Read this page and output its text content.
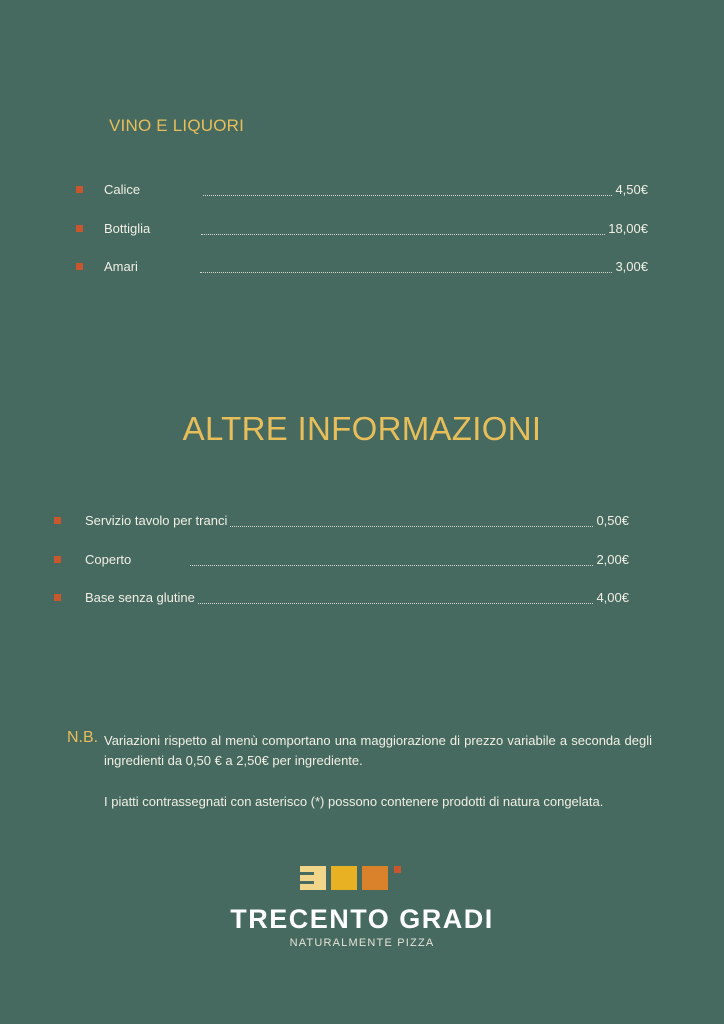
VINO E LIQUORI
Calice	4,50€
Bottiglia	18,00€
Amari	3,00€
ALTRE INFORMAZIONI
Servizio tavolo per tranci	0,50€
Coperto	2,00€
Base senza glutine	4,00€
N.B. Variazioni rispetto al menù comportano una maggiorazione di prezzo variabile a seconda degli ingredienti da 0,50 € a 2,50€ per ingrediente.
I piatti contrassegnati con asterisco (*) possono contenere prodotti di natura congelata.
TRECENTO GRADI
NATURALMENTE PIZZA
